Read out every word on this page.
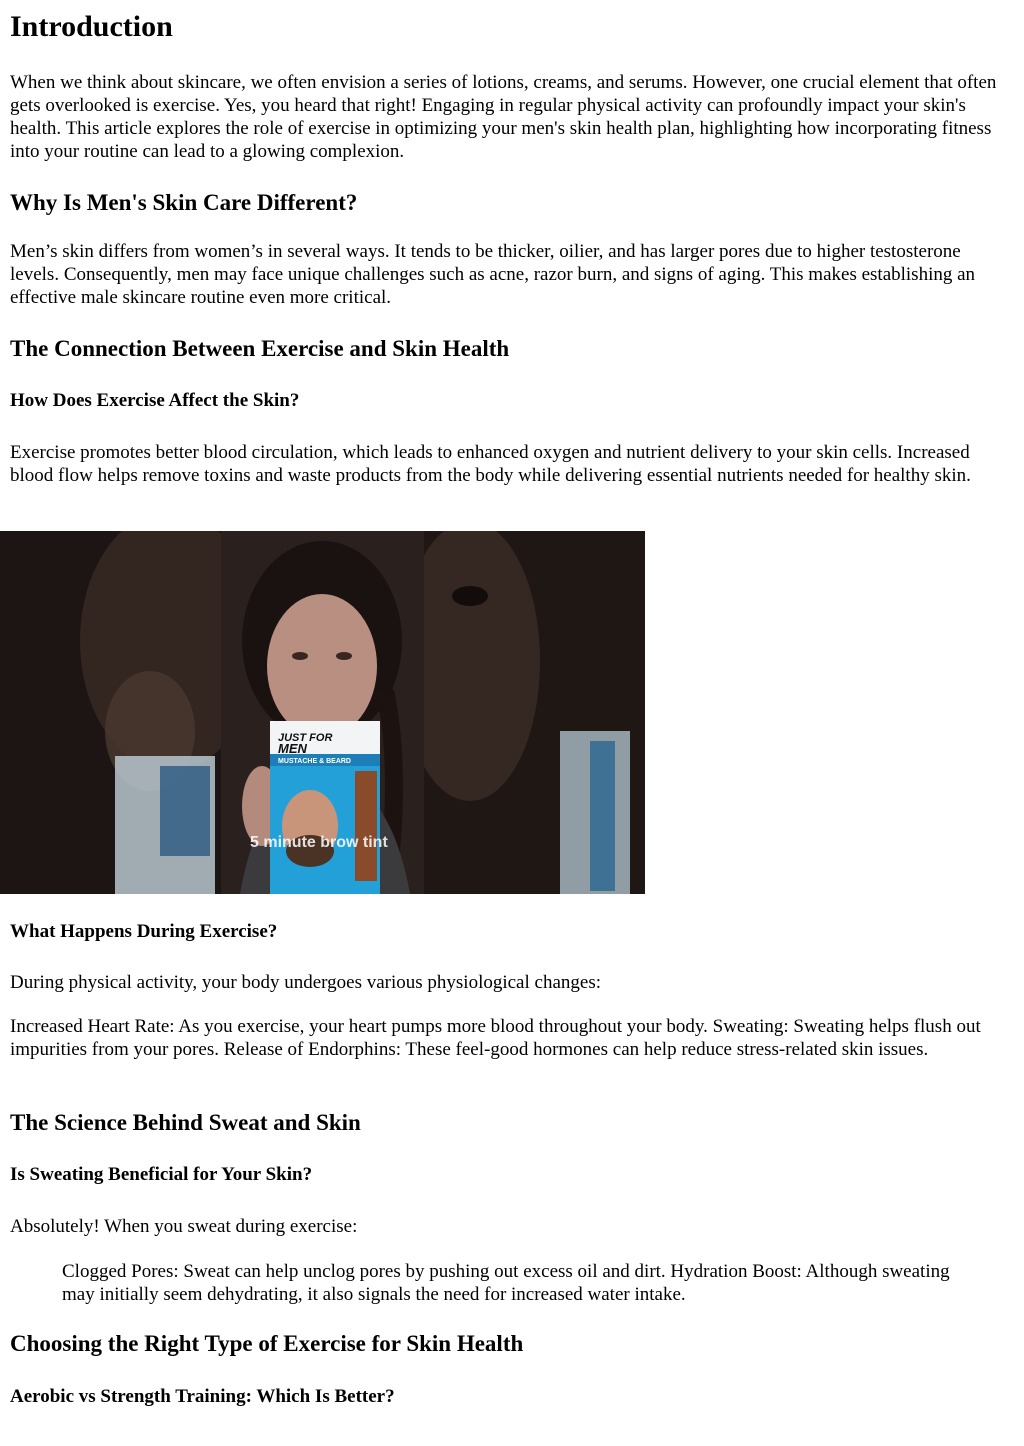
Introduction

When we think about skincare, we often envision a series of lotions, creams, and serums. However, one crucial element that often gets overlooked is exercise. Yes, you heard that right! Engaging in regular physical activity can profoundly impact your skin's health. This article explores the role of exercise in optimizing your men's skin health plan, highlighting how incorporating fitness into your routine can lead to a glowing complexion.

Why Is Men's Skin Care Different?

Men’s skin differs from women’s in several ways. It tends to be thicker, oilier, and has larger pores due to higher testosterone levels. Consequently, men may face unique challenges such as acne, razor burn, and signs of aging. This makes establishing an effective male skincare routine even more critical.

The Connection Between Exercise and Skin Health
How Does Exercise Affect the Skin?

Exercise promotes better blood circulation, which leads to enhanced oxygen and nutrient delivery to your skin cells. Increased blood flow helps remove toxins and waste products from the body while delivering essential nutrients needed for healthy skin.

What Happens During Exercise?

During physical activity, your body undergoes various physiological changes:

Increased Heart Rate: As you exercise, your heart pumps more blood throughout your body. Sweating: Sweating helps flush out impurities from your pores. Release of Endorphins: These feel-good hormones can help reduce stress-related skin issues.

The Science Behind Sweat and Skin
Is Sweating Beneficial for Your Skin?

Absolutely! When you sweat during exercise:

Clogged Pores: Sweat can help unclog pores by pushing out excess oil and dirt. Hydration Boost: Although sweating may initially seem dehydrating, it also signals the need for increased water intake.
Choosing the Right Type of Exercise for Skin Health
Aerobic vs Strength Training: Which Is Better?
JUST FOR
MEN
MUSTACHE & BEARD
5 minute brow tint
